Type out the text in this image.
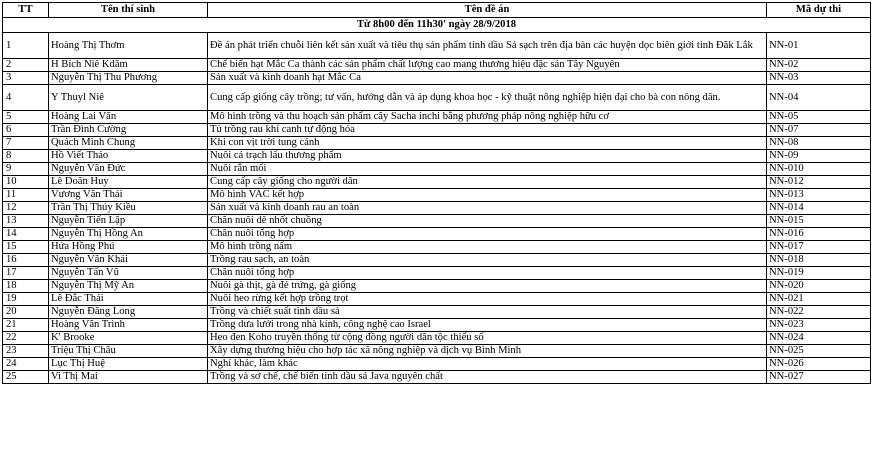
TT	Tên thí sinh	Tên đề án	Mã dự thi
Từ 8h00 đến 11h30' ngày 28/9/2018			
1	Hoàng Thị Thơm	Đề án phát triển chuỗi liên kết sản xuất và tiêu thụ sản phẩm tinh dầu Sả sạch trên địa bàn các huyện dọc biên giới tỉnh Đăk Lắk	NN-01
2	H Bích Niê Kdăm	Chế biến hạt Mắc Ca thành các sản phẩm chất lượng cao mang thương hiệu đặc sản Tây Nguyên	NN-02
3	Nguyễn Thị Thu Phương	Sản xuất và kinh doanh hạt Mắc Ca	NN-03
4	Y Thuyl Niê	Cung cấp giống cây trồng; tư vấn, hướng dẫn và áp dụng khoa học - kỹ thuật nông nghiệp hiện đại cho bà con nông dân.	NN-04
5	Hoàng Lai Vân	Mô hình trồng và thu hoạch sản phẩm cây Sacha inchi bằng phương pháp nông nghiệp hữu cơ	NN-05
6	Trần Đình Cường	Tủ trồng rau khí canh tự động hóa	NN-07
7	Quách Minh Chung	Khi con vịt trời tung cánh	NN-08
8	Hồ Viết Thảo	Nuôi cá trạch lấu thương phẩm	NN-09
9	Nguyễn Văn Đức	Nuôi rắn mối	NN-010
10	Lê Doãn Huy	Cung cấp cây giống cho người dân	NN-012
11	Vương Văn Thái	Mô hình VAC kết hợp	NN-013
12	Trần Thị Thúy Kiều	Sản xuất và kinh doanh rau an toàn	NN-014
13	Nguyễn Tiến Lập	Chăn nuôi dê nhốt chuồng	NN-015
14	Nguyễn Thị Hồng An	Chăn nuôi tổng hợp	NN-016
15	Hứa Hồng Phú	Mô hình trồng nấm	NN-017
16	Nguyễn Văn Khải	Trồng rau sạch, an toàn	NN-018
17	Nguyễn Tấn Vũ	Chăn nuôi tổng hợp	NN-019
18	Nguyễn Thị Mỹ An	Nuôi gà thịt, gà đẻ trứng, gà giống	NN-020
19	Lê Đắc Thái	Nuôi heo rừng kết hợp trồng trọt	NN-021
20	Nguyễn Đăng Long	Trồng và chiết suất tinh dầu sả	NN-022
21	Hoàng Văn Trình	Trồng dưa lưới trong nhà kính, công nghệ cao Israel	NN-023
22	K' Brooke	Heo đen Koho truyền thống từ cộng đồng người dân tộc thiểu số	NN-024
23	Triệu Thị Châu	Xây dựng thương hiệu cho hợp tác xã nông nghiệp và dịch vụ Bình Minh	NN-025
24	Lục Thị Huệ	Nghỉ khác, làm khác	NN-026
25	Vi Thị Mai	Trồng và sơ chế, chế biến tinh dầu sả Java nguyên chất	NN-027
